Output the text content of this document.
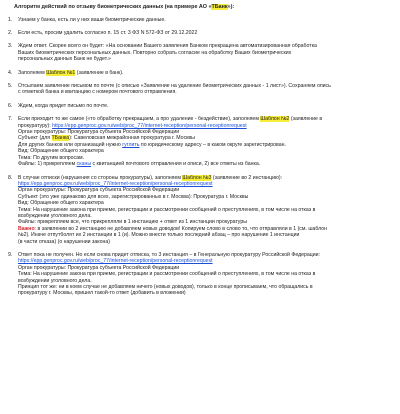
Алгоритм действий по отзыву биометрических данных (на примере АО «ТБанк»):
1.	Узнаем у банка, есть ли у них ваши биометрические данные.
2.	Если есть, просим удалить согласно п. 15 ст. 3 ФЗ N 572-ФЗ от 29.12.2022
3.	Ждем ответ. Скорее всего он будет: «На основании Вашего заявления Банком прекращена автоматизированная обработка
Ваших биометрических персональных данных. Повторно собрать согласие на обработку Ваших биометрических
персональных данных Банк не будет.»
4.	Заполняем Шаблон №1 (заявление в банк).
5.	Отсылаем заявление письмом по почте (с описью «Заявление на удаление биометрических данных - 1 лист»). Сохраняем опись
с отметкой банка и квитанцию с номером почтового отправления.
6.	Ждем, когда придет письмо по почте.
7.	Если приходит то же самое («то обработку прекращаем, а про удаление - бездействие), заполняем Шаблон №2 (заявление в
прокуратуру): https://epp.genproc.gov.ru/web/proc_77/internet-reception/personal-receptionrequest
Орган прокуратуры: Прокуратура субъекта Российской Федерации
Субъект (для ТБанка): Савеловская межрайонная прокуратура г. Москвы
Для других банков или организаций нужно гуглить по юридическому адресу – в каком округе зарегистрирован.
Вид: Обращение общего характера
Тема: По другим вопросам.
Файлы: 1) прикрепляем сканы с квитанцией почтового отправления и описи, 2) все ответы из банка.
8.	В случае отписки (нарушения со стороны прокуратуры), заполняем Шаблон №3 (заявление во 2 инстанцию):
https://epp.genproc.gov.ru/web/proc_77/internet-reception/personal-receptionrequest
Орган прокуратуры: Прокуратура субъекта Российской Федерации
Субъект (это уже одинаково для всех, зарегистрированных в г. Москва): Прокуратура г. Москвы
Вид: Обращение общего характера
Тема: На нарушение закона при приеме, регистрации и рассмотрении сообщений о преступлениях, в том числе на отказ в
возбуждении уголовного дела.
Файлы: прикрепляем все, что прикрепляли в 1 инстанцию + ответ из 1 инстанции прокуратуры
Важно: в заявлении во 2 инстанцию не добавляем новых доводов! Копируем слово в слово то, что отправляли в 1 (см. шаблон
№2). Иначе отпутболят их 2 инстанции в 1 (и). Можно внести только последний абзац – про нарушение 1 инстанции
(в части отказа) (о нарушении закона)
9.	Ответ пока не получен. Но если снова придет отписка, то 3 инстанция – в Генеральную прокуратуру Российской Федерации:
https://epp.genproc.gov.ru/web/proc_77/internet-reception/personal-receptionrequest
Орган прокуратуры: Прокуратура субъекта Российской Федерации
Тема: На нарушение закона при приеме, регистрации и рассмотрении сообщений о преступлениях, в том числе на отказ в
возбуждении уголовного дела.
Принцип тот же: ни в коем случае не добавляем ничего (новых доводов), только в конце прописываем, что обращались в
прокуратуру г. Москвы, пришел такой-то ответ (добавить в вложении)
